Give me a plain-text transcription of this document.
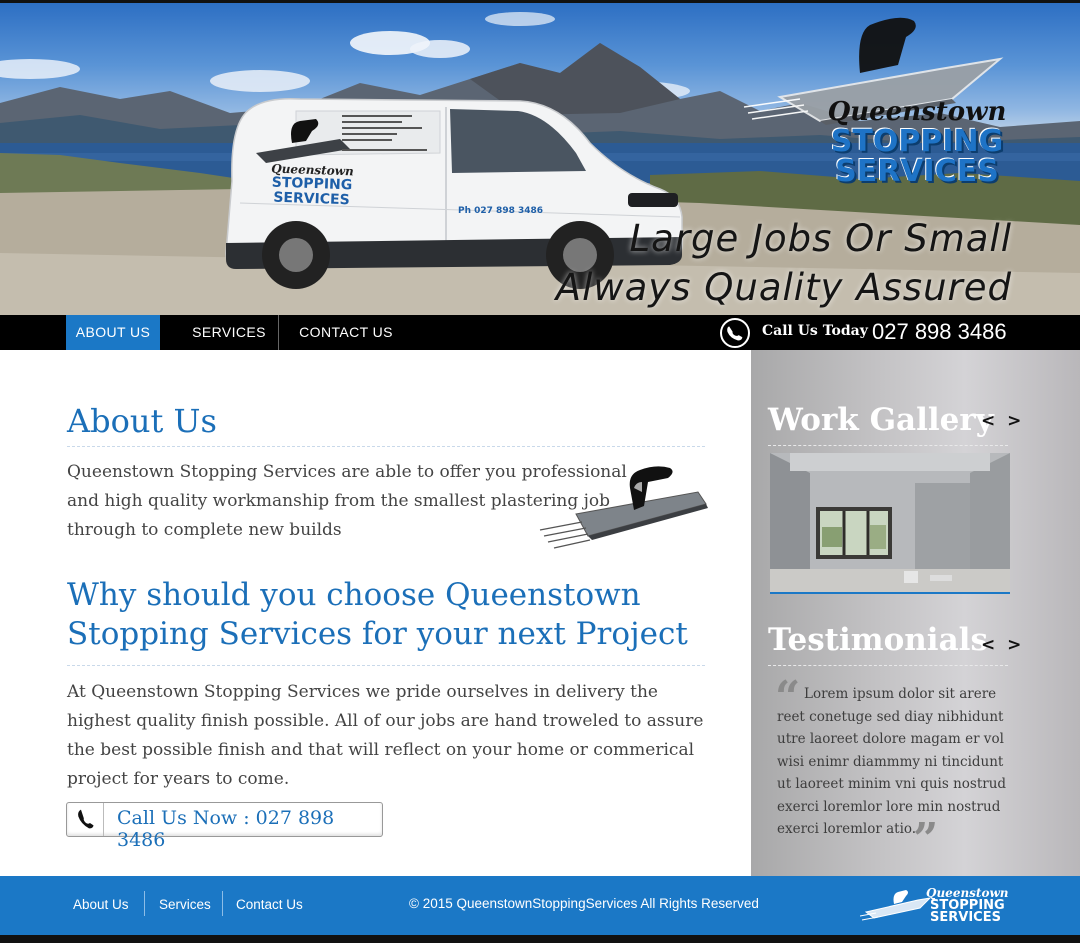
Queenstown
STOPPING
SERVICES
Queenstown
STOPPING
SERVICES
Ph 027 898 3486
Large Jobs Or Small
Always Quality Assured
ABOUT US	SERVICES	CONTACT US	Call Us Today 027 898 3486
About Us

Queenstown Stopping Services are able to offer you professional and high quality workmanship from the smallest plastering job through to complete new builds

Why should you choose Queenstown Stopping Services for your next Project

At Queenstown Stopping Services we pride ourselves in delivery the highest quality finish possible. All of our jobs are hand troweled to assure the best possible finish and that will reflect on your home or commerical project for years to come.

Call Us Now : 027 898 3486
Work Gallery
< >
Testimonials
< >
“ Lorem ipsum dolor sit arere reet conetuge sed diay nibhidunt utre laoreet dolore magam er vol wisi enimr diammmy ni tincidunt ut laoreet minim vni quis nostrud exerci loremlor lore min nostrud exerci loremlor atio.

”
About Us Services Contact Us	© 2015 QueenstownStoppingServices All Rights Reserved
Queenstown
STOPPING
SERVICES
